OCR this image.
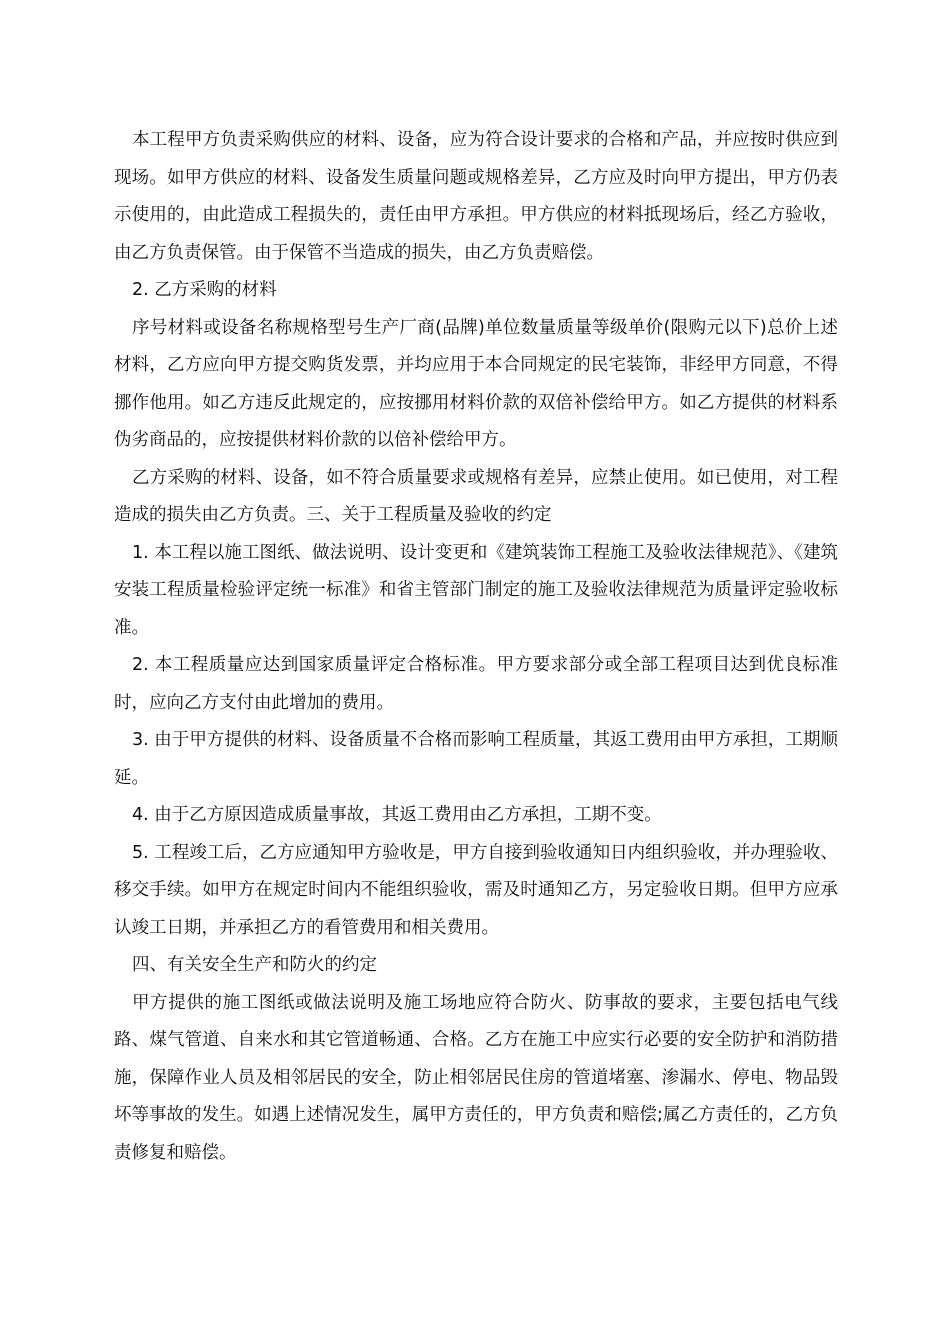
本工程甲方负责采购供应的材料、设备，应为符合设计要求的合格和产品，并应按时供应到现场。如甲方供应的材料、设备发生质量问题或规格差异，乙方应及时向甲方提出，甲方仍表示使用的，由此造成工程损失的，责任由甲方承担。甲方供应的材料抵现场后，经乙方验收，由乙方负责保管。由于保管不当造成的损失，由乙方负责赔偿。

2. 乙方采购的材料

序号材料或设备名称规格型号生产厂商(品牌)单位数量质量等级单价(限购元以下)总价上述材料，乙方应向甲方提交购货发票，并均应用于本合同规定的民宅装饰，非经甲方同意，不得挪作他用。如乙方违反此规定的，应按挪用材料价款的双倍补偿给甲方。如乙方提供的材料系伪劣商品的，应按提供材料价款的以倍补偿给甲方。

乙方采购的材料、设备，如不符合质量要求或规格有差异，应禁止使用。如已使用，对工程造成的损失由乙方负责。三、关于工程质量及验收的约定

1. 本工程以施工图纸、做法说明、设计变更和《建筑装饰工程施工及验收法律规范》、《建筑安装工程质量检验评定统一标准》和省主管部门制定的施工及验收法律规范为质量评定验收标准。

2. 本工程质量应达到国家质量评定合格标准。甲方要求部分或全部工程项目达到优良标准时，应向乙方支付由此增加的费用。

3. 由于甲方提供的材料、设备质量不合格而影响工程质量，其返工费用由甲方承担，工期顺延。

4. 由于乙方原因造成质量事故，其返工费用由乙方承担，工期不变。

5. 工程竣工后，乙方应通知甲方验收是，甲方自接到验收通知日内组织验收，并办理验收、移交手续。如甲方在规定时间内不能组织验收，需及时通知乙方，另定验收日期。但甲方应承认竣工日期，并承担乙方的看管费用和相关费用。

四、有关安全生产和防火的约定

甲方提供的施工图纸或做法说明及施工场地应符合防火、防事故的要求，主要包括电气线路、煤气管道、自来水和其它管道畅通、合格。乙方在施工中应实行必要的安全防护和消防措施，保障作业人员及相邻居民的安全，防止相邻居民住房的管道堵塞、渗漏水、停电、物品毁坏等事故的发生。如遇上述情况发生，属甲方责任的，甲方负责和赔偿;属乙方责任的，乙方负责修复和赔偿。
